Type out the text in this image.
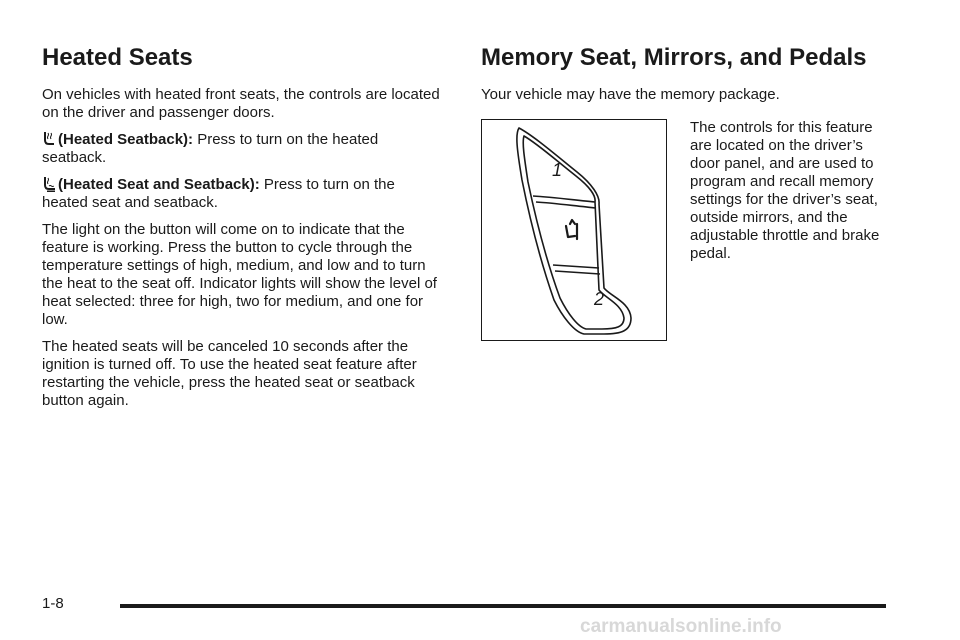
Heated Seats

On vehicles with heated front seats, the controls are located on the driver and passenger doors.

(Heated Seatback): Press to turn on the heated seatback.

(Heated Seat and Seatback): Press to turn on the heated seat and seatback.

The light on the button will come on to indicate that the feature is working. Press the button to cycle through the temperature settings of high, medium, and low and to turn the heat to the seat off. Indicator lights will show the level of heat selected: three for high, two for medium, and one for low.

The heated seats will be canceled 10 seconds after the ignition is turned off. To use the heated seat feature after restarting the vehicle, press the heated seat or seatback button again.

Memory Seat, Mirrors, and Pedals

Your vehicle may have the memory package.

1
2

The controls for this feature are located on the driver’s door panel, and are used to program and recall memory settings for the driver’s seat, outside mirrors, and the adjustable throttle and brake pedal.

1-8
carmanualsonline.info
